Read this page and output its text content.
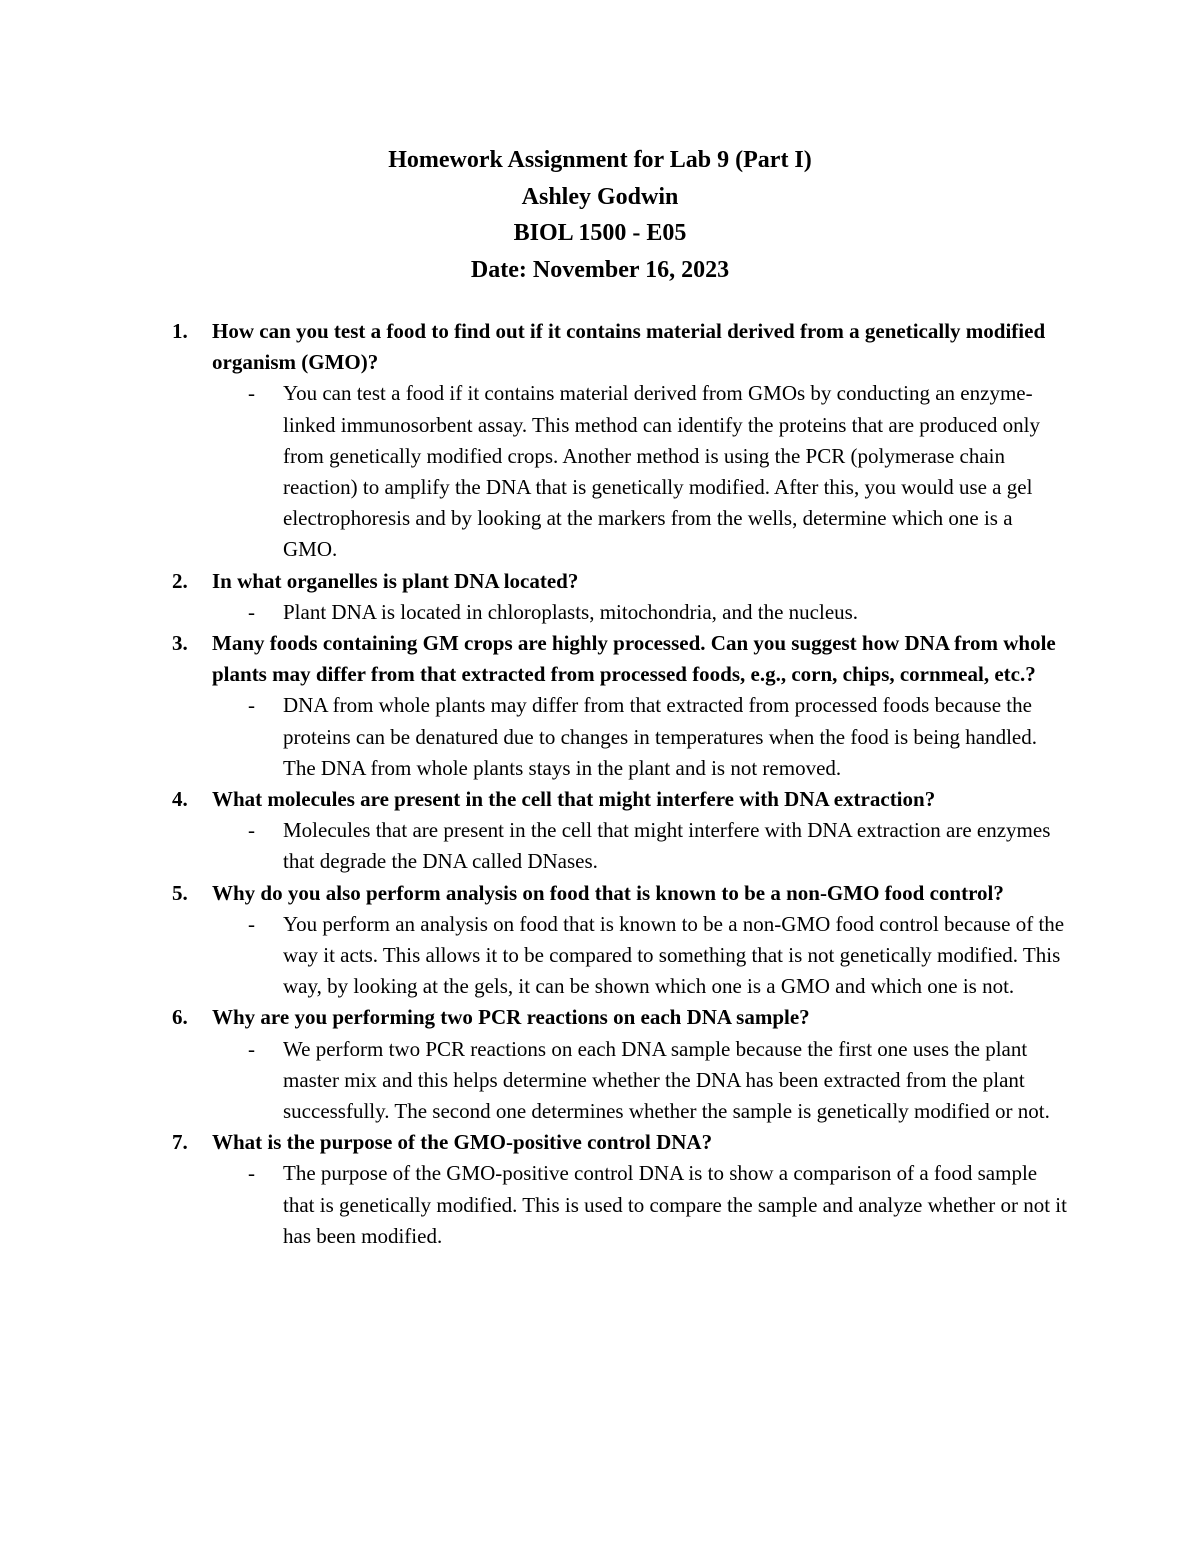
Homework Assignment for Lab 9 (Part I)
Ashley Godwin
BIOL 1500 - E05
Date: November 16, 2023
1.	How can you test a food to find out if it contains material derived from a genetically modified organism (GMO)?
- You can test a food if it contains material derived from GMOs by conducting an enzyme-linked immunosorbent assay. This method can identify the proteins that are produced only from genetically modified crops. Another method is using the PCR (polymerase chain reaction) to amplify the DNA that is genetically modified. After this, you would use a gel electrophoresis and by looking at the markers from the wells, determine which one is a GMO.
2.	In what organelles is plant DNA located?
- Plant DNA is located in chloroplasts, mitochondria, and the nucleus.
3.	Many foods containing GM crops are highly processed. Can you suggest how DNA from whole plants may differ from that extracted from processed foods, e.g., corn, chips, cornmeal, etc.?
- DNA from whole plants may differ from that extracted from processed foods because the proteins can be denatured due to changes in temperatures when the food is being handled. The DNA from whole plants stays in the plant and is not removed.
4.	What molecules are present in the cell that might interfere with DNA extraction?
- Molecules that are present in the cell that might interfere with DNA extraction are enzymes that degrade the DNA called DNases.
5.	Why do you also perform analysis on food that is known to be a non-GMO food control?
- You perform an analysis on food that is known to be a non-GMO food control because of the way it acts. This allows it to be compared to something that is not genetically modified. This way, by looking at the gels, it can be shown which one is a GMO and which one is not.
6.	Why are you performing two PCR reactions on each DNA sample?
- We perform two PCR reactions on each DNA sample because the first one uses the plant master mix and this helps determine whether the DNA has been extracted from the plant successfully. The second one determines whether the sample is genetically modified or not.
7.	What is the purpose of the GMO-positive control DNA?
- The purpose of the GMO-positive control DNA is to show a comparison of a food sample that is genetically modified. This is used to compare the sample and analyze whether or not it has been modified.
